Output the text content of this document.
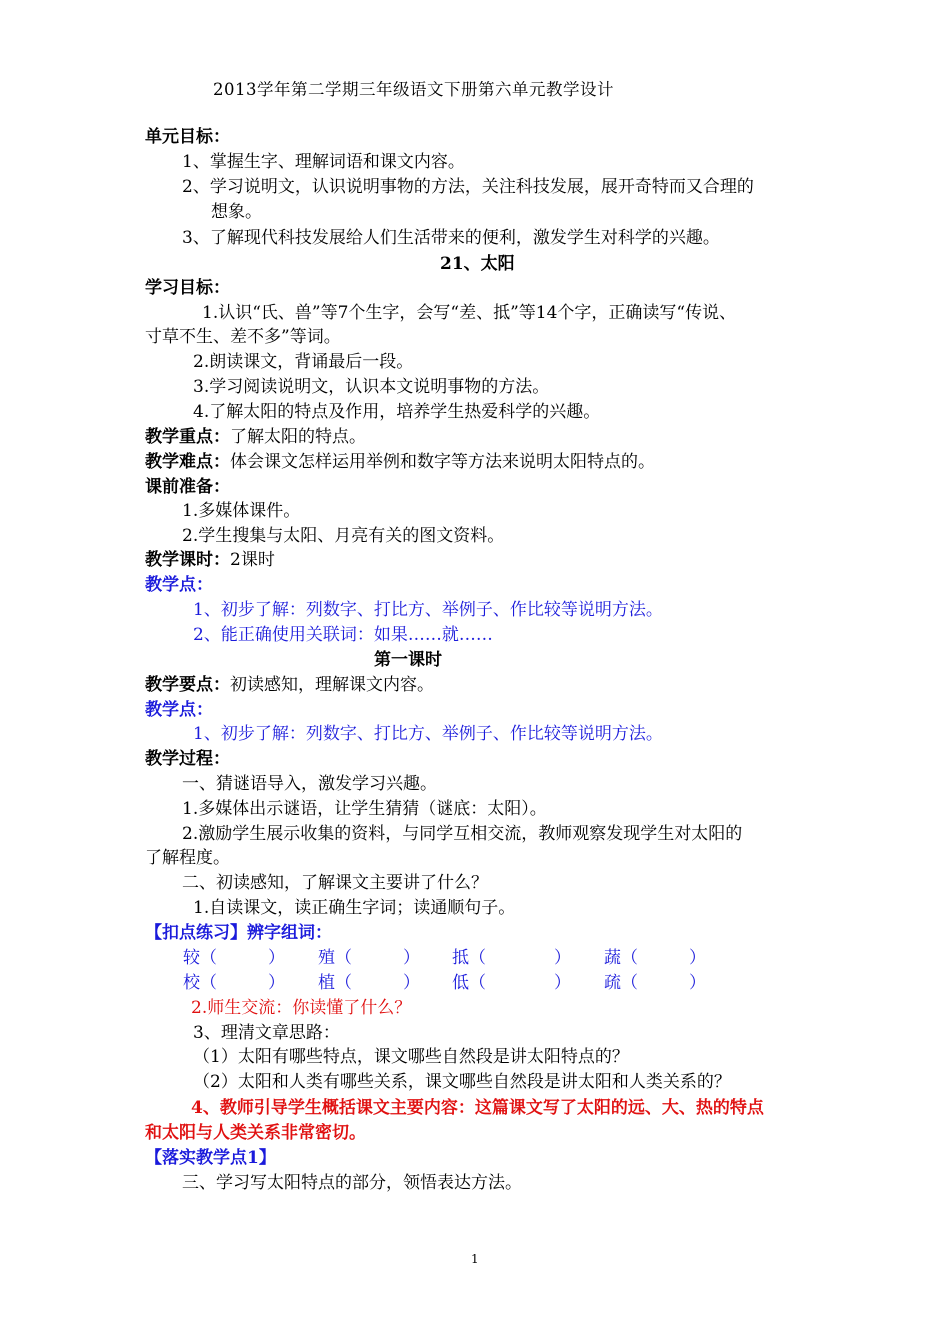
2013学年第二学期三年级语文下册第六单元教学设计
单元目标：
1、掌握生字、理解词语和课文内容。
2、学习说明文，认识说明事物的方法，关注科技发展，展开奇特而又合理的
想象。
3、了解现代科技发展给人们生活带来的便利，激发学生对科学的兴趣。
21、太阳
学习目标：
1.认识“氏、兽”等7个生字，会写“差、抵”等14个字，正确读写“传说、
寸草不生、差不多”等词。
2.朗读课文，背诵最后一段。
3.学习阅读说明文，认识本文说明事物的方法。
4.了解太阳的特点及作用，培养学生热爱科学的兴趣。
教学重点：了解太阳的特点。
教学难点：体会课文怎样运用举例和数字等方法来说明太阳特点的。
课前准备：
1.多媒体课件。
2.学生搜集与太阳、月亮有关的图文资料。
教学课时：2课时
教学点：
1、初步了解：列数字、打比方、举例子、作比较等说明方法。
2、能正确使用关联词：如果……就……
第一课时
教学要点：初读感知，理解课文内容。
教学点：
1、初步了解：列数字、打比方、举例子、作比较等说明方法。
教学过程：
一、猜谜语导入，激发学习兴趣。
1.多媒体出示谜语，让学生猜猜（谜底：太阳）。
2.激励学生展示收集的资料，与同学互相交流，教师观察发现学生对太阳的
了解程度。
二、初读感知，了解课文主要讲了什么？
1.自读课文，读正确生字词；读通顺句子。
【扣点练习】辨字组词：
较（　　　） 殖（　　　） 抵（　　　　） 蔬（　　　）
校（　　　） 植（　　　） 低（　　　　） 疏（　　　）
2.师生交流：你读懂了什么？
3、理清文章思路：
（1）太阳有哪些特点，课文哪些自然段是讲太阳特点的？
（2）太阳和人类有哪些关系，课文哪些自然段是讲太阳和人类关系的？
4、教师引导学生概括课文主要内容：这篇课文写了太阳的远、大、热的特点
和太阳与人类关系非常密切。
【落实教学点1】
三、学习写太阳特点的部分，领悟表达方法。
1
